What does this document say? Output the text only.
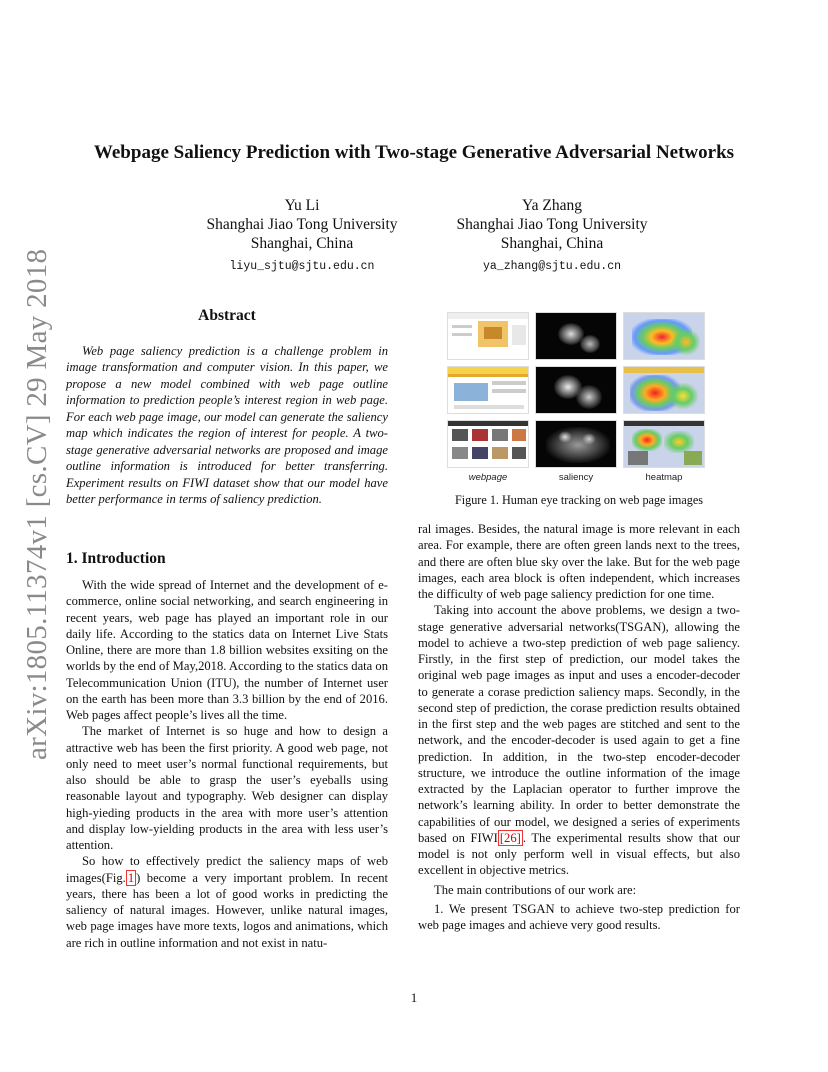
arXiv:1805.11374v1 [cs.CV] 29 May 2018
Webpage Saliency Prediction with Two-stage Generative Adversarial Networks
Yu Li
Shanghai Jiao Tong University
Shanghai, China
liyu_sjtu@sjtu.edu.cn
Ya Zhang
Shanghai Jiao Tong University
Shanghai, China
ya_zhang@sjtu.edu.cn
Abstract

Web page saliency prediction is a challenge problem in image transformation and computer vision. In this paper, we propose a new model combined with web page outline information to prediction people’s interest region in web page. For each web page image, our model can generate the saliency map which indicates the region of interest for people. A two-stage generative adversarial networks are proposed and image outline information is introduced for better transferring. Experiment results on FIWI dataset show that our model have better performance in terms of saliency prediction.

1. Introduction

With the wide spread of Internet and the development of e-commerce, online social networking, and search engineering in recent years, web page has played an important role in our daily life. According to the statics data on Internet Live Stats Online, there are more than 1.8 billion websites exsiting on the worlds by the end of May,2018. According to the statics data on Telecommunication Union (ITU), the number of Internet user on the earth has been more than 3.3 billion by the end of 2016. Web pages affect people’s lives all the time.

The market of Internet is so huge and how to design a attractive web has been the first priority. A good web page, not only need to meet user’s normal functional requirements, but also should be able to grasp the user’s eyeballs using reasonable layout and typography. Web designer can display high-yieding products in the area with more user’s attention and display low-yielding products in the area with less user’s attention.

So how to effectively predict the saliency maps of web images(Fig. 1 ) become a very important problem. In recent years, there has been a lot of good works in predicting the saliency of natural images. However, unlike natural images, web page images have more texts, logos and animations, which are rich in outline information and not exist in natu-

webpage	saliency	heatmap
Figure 1. Human eye tracking on web page images

ral images. Besides, the natural image is more relevant in each area. For example, there are often green lands next to the trees, and there are often blue sky over the lake. But for the web page images, each area block is often independent, which increases the difficulty of web page saliency prediction for one time.

Taking into account the above problems, we design a two-stage generative adversarial networks(TSGAN), allowing the model to achieve a two-step prediction of web page saliency. Firstly, in the first step of prediction, our model takes the original web page images as input and uses a encoder-decoder to generate a corase prediction saliency maps. Secondly, in the second step of prediction, the corase prediction results obtained in the first step and the web pages are stitched and sent to the network, and the encoder-decoder is used again to get a fine prediction. In addition, in the two-step encoder-decoder structure, we introduce the outline information of the image extracted by the Laplacian operator to further improve the network’s learning ability. In order to better demonstrate the capabilities of our model, we designed a series of experiments based on FIWI [26] . The experimental results show that our model is not only perform well in visual effects, but also excellent in objective metrics.

The main contributions of our work are:

1. We present TSGAN to achieve two-step prediction for web page images and achieve very good results.

1
